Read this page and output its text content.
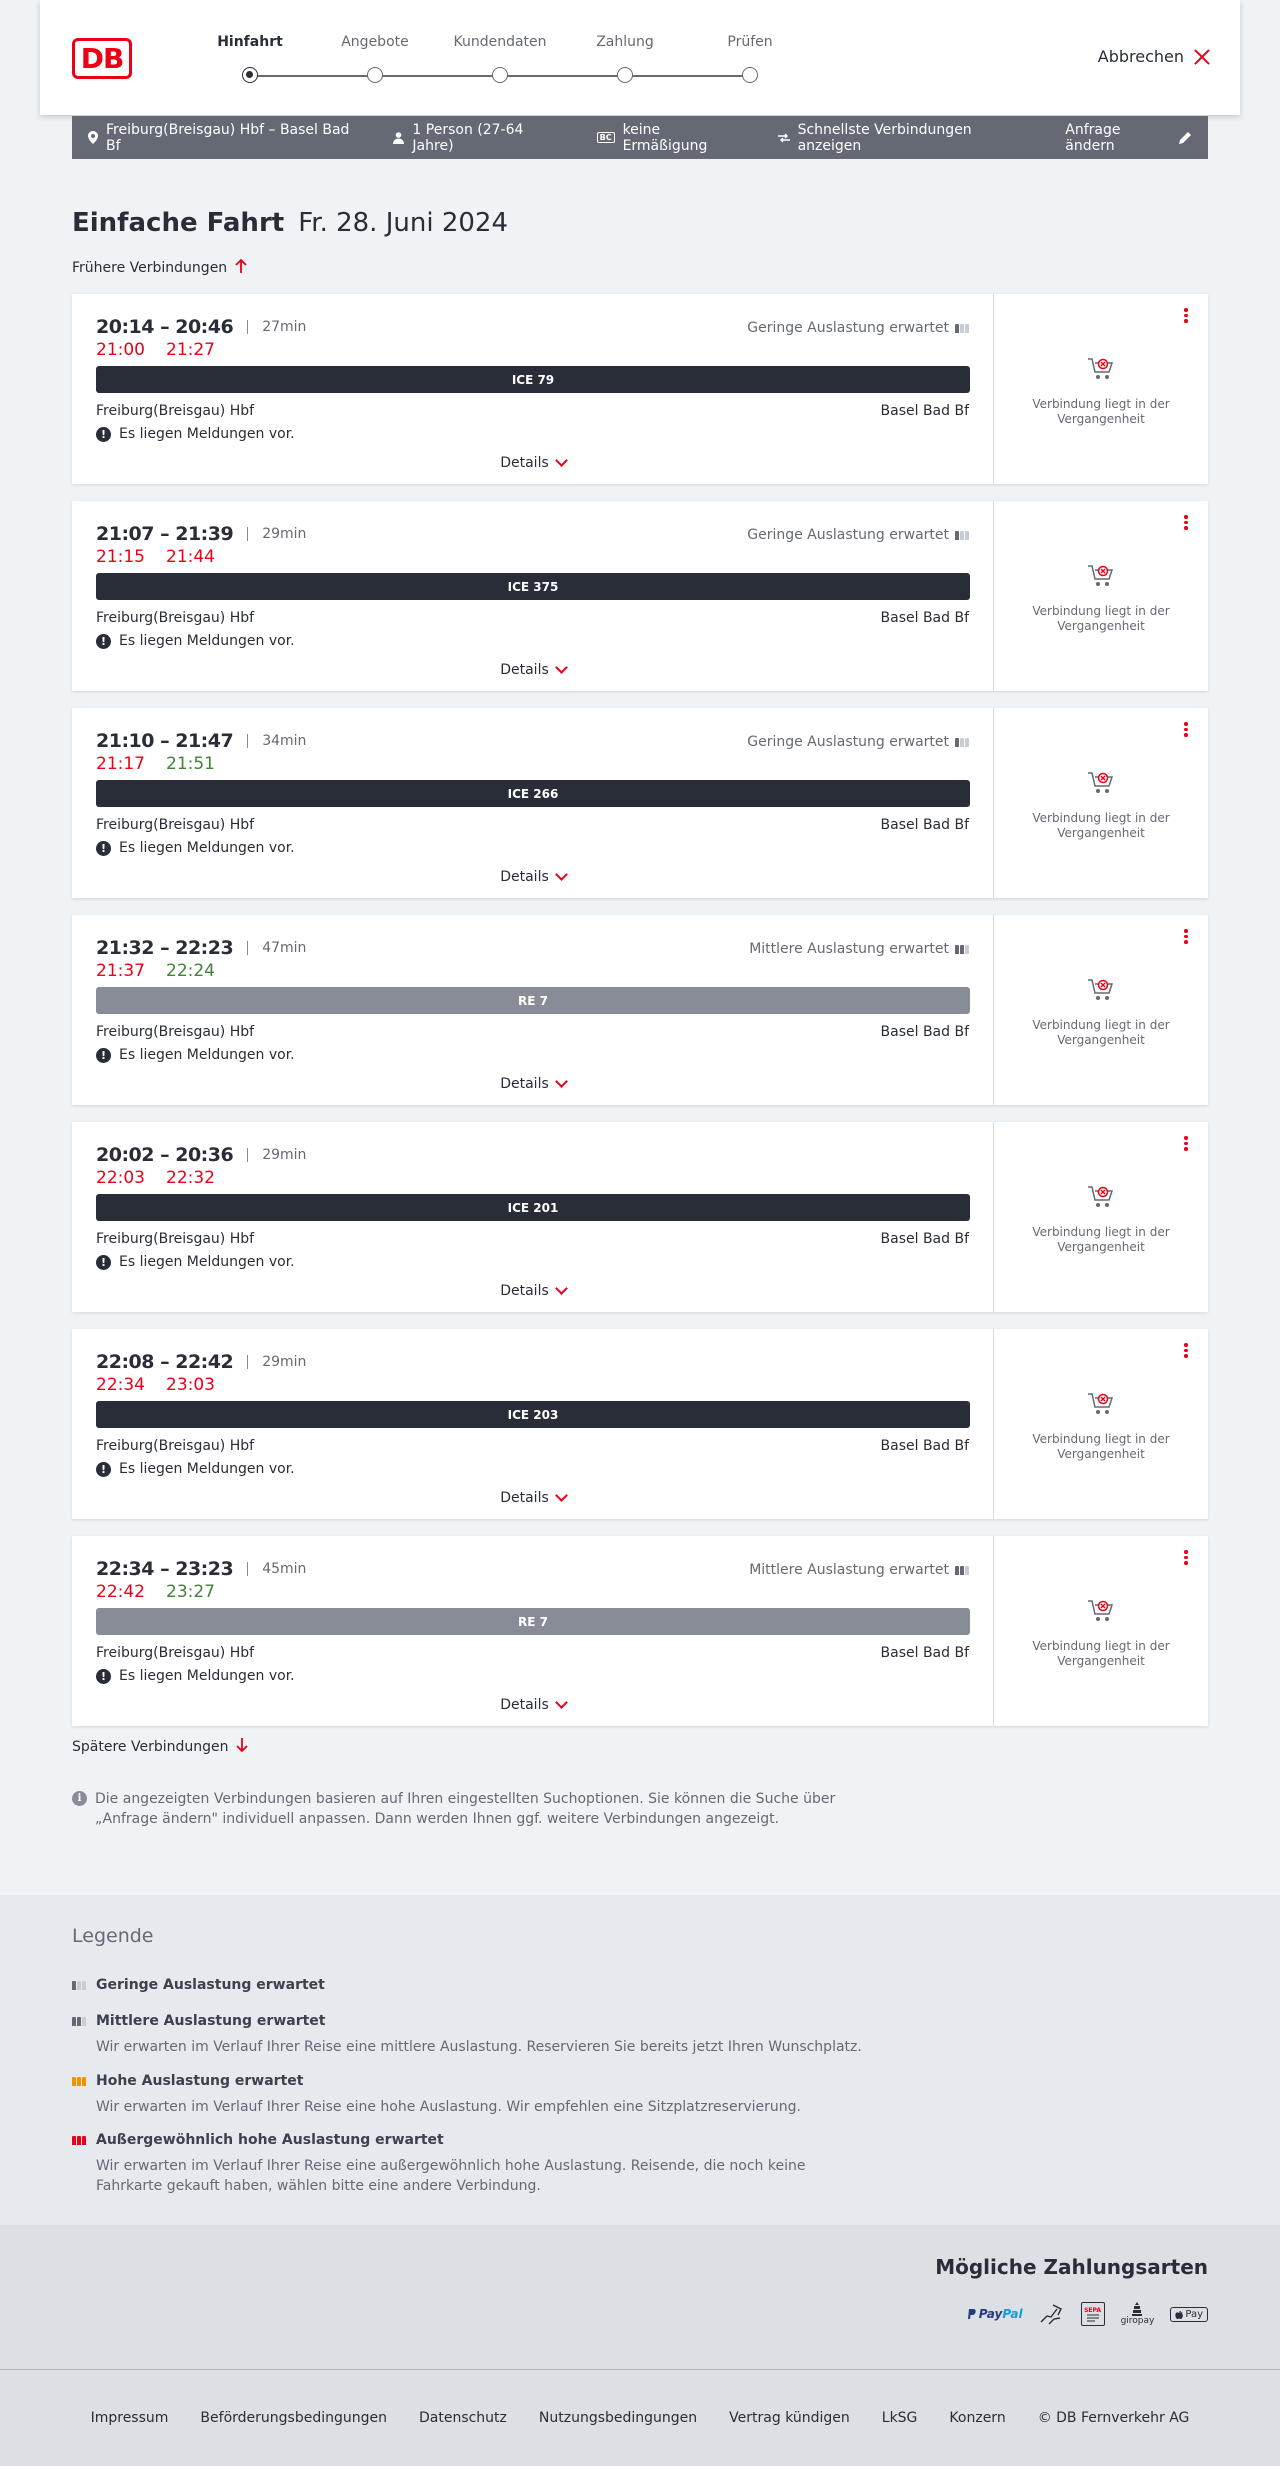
DB	Hinfahrt	Angebote	Kundendaten	Zahlung	Prüfen
Abbrechen
Freiburg(Breisgau) Hbf – Basel Bad Bf
1 Person (27-64 Jahre)	BC keine Ermäßigung
Schnellste Verbindungen anzeigen
Anfrage ändern
Einfache Fahrt Fr. 28. Juni 2024
Frühere Verbindungen
20:14 – 20:46	27min
21:00 21:27
Geringe Auslastung erwartet
ICE 79
Freiburg(Breisgau) Hbf	Basel Bad Bf
! Es liegen Meldungen vor.
Details
Verbindung liegt in der Vergangenheit
21:07 – 21:39	29min
21:15 21:44
Geringe Auslastung erwartet
ICE 375
Freiburg(Breisgau) Hbf	Basel Bad Bf
! Es liegen Meldungen vor.
Details
Verbindung liegt in der Vergangenheit
21:10 – 21:47	34min
21:17 21:51
Geringe Auslastung erwartet
ICE 266
Freiburg(Breisgau) Hbf	Basel Bad Bf
! Es liegen Meldungen vor.
Details
Verbindung liegt in der Vergangenheit
21:32 – 22:23	47min
21:37 22:24
Mittlere Auslastung erwartet
RE 7
Freiburg(Breisgau) Hbf	Basel Bad Bf
! Es liegen Meldungen vor.
Details
Verbindung liegt in der Vergangenheit
20:02 – 20:36	29min
22:03 22:32
ICE 201
Freiburg(Breisgau) Hbf	Basel Bad Bf
! Es liegen Meldungen vor.
Details
Verbindung liegt in der Vergangenheit
22:08 – 22:42	29min
22:34 23:03
ICE 203
Freiburg(Breisgau) Hbf	Basel Bad Bf
! Es liegen Meldungen vor.
Details
Verbindung liegt in der Vergangenheit
22:34 – 23:23	45min
22:42 23:27
Mittlere Auslastung erwartet
RE 7
Freiburg(Breisgau) Hbf	Basel Bad Bf
! Es liegen Meldungen vor.
Details
Verbindung liegt in der Vergangenheit
Spätere Verbindungen
i Die angezeigten Verbindungen basieren auf Ihren eingestellten Suchoptionen. Sie können die Suche über „Anfrage ändern" individuell anpassen. Dann werden Ihnen ggf. weitere Verbindungen angezeigt.
Legende
Geringe Auslastung erwartet
Mittlere Auslastung erwartet
Wir erwarten im Verlauf Ihrer Reise eine mittlere Auslastung. Reservieren Sie bereits jetzt Ihren Wunschplatz.
Hohe Auslastung erwartet
Wir erwarten im Verlauf Ihrer Reise eine hohe Auslastung. Wir empfehlen eine Sitzplatzreservierung.
Außergewöhnlich hohe Auslastung erwartet
Wir erwarten im Verlauf Ihrer Reise eine außergewöhnlich hohe Auslastung. Reisende, die noch keine Fahrkarte gekauft haben, wählen bitte eine andere Verbindung.
Mögliche Zahlungsarten
Pay Pal	SEPA
giropay
Pay
Impressum Beförderungsbedingungen Datenschutz Nutzungsbedingungen Vertrag kündigen LkSG Konzern © DB Fernverkehr AG
